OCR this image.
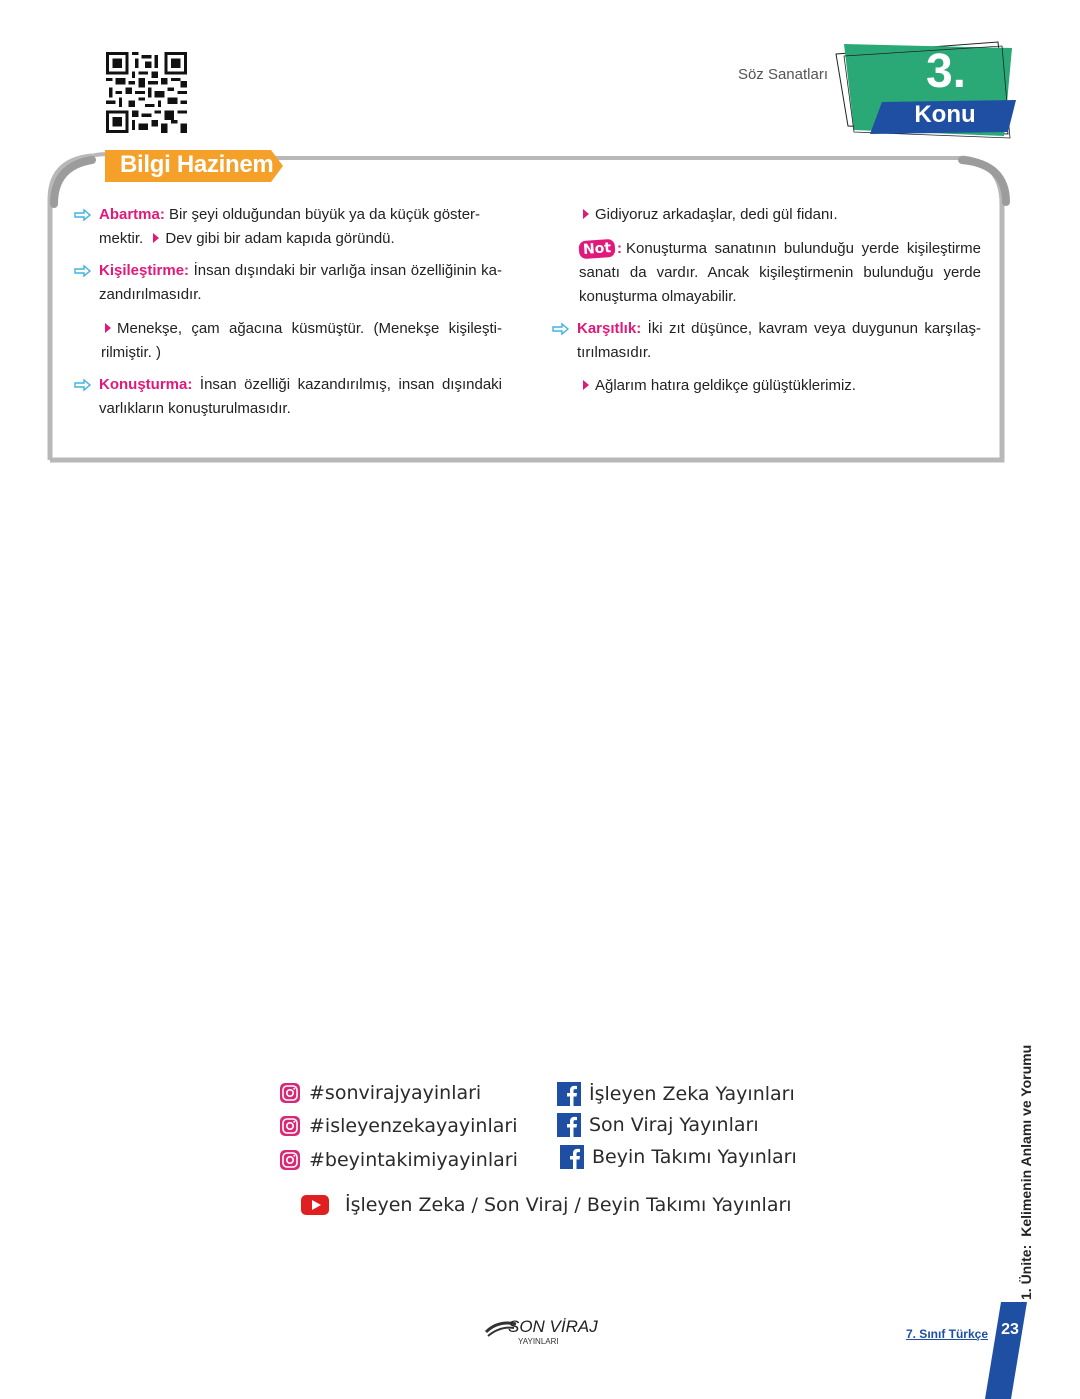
Söz Sanatları 3.
Konu
Bilgi Hazinem
Abartma: Bir şeyi olduğundan büyük ya da küçük göster-
mektir. Dev gibi bir adam kapıda göründü.
Kişileştirme: İnsan dışındaki bir varlığa insan özelliğinin ka-zandırılmasıdır.
Menekşe, çam ağacına küsmüştür. (Menekşe kişileşti-rilmiştir. )
Konuşturma: İnsan özelliği kazandırılmış, insan dışındaki varlıkların konuşturulmasıdır.
Gidiyoruz arkadaşlar, dedi gül fidanı.
Not : Konuşturma sanatının bulunduğu yerde kişileştirme sanatı da vardır. Ancak kişileştirmenin bulunduğu yerde konuşturma olmayabilir.
Karşıtlık: İki zıt düşünce, kavram veya duygunun karşılaş-tırılmasıdır.
Ağlarım hatıra geldikçe gülüştüklerimiz.
#sonvirajyayinlari
#isleyenzekayayinlari
#beyintakimiyayinlari
İşleyen Zeka Yayınları
Son Viraj Yayınları
Beyin Takımı Yayınları
İşleyen Zeka / Son Viraj / Beyin Takımı Yayınları
1. Ünite:Kelimenin Anlamı ve Yorumu
SON VİRAJ
YAYINLARI
7. Sınıf Türkçe 23
